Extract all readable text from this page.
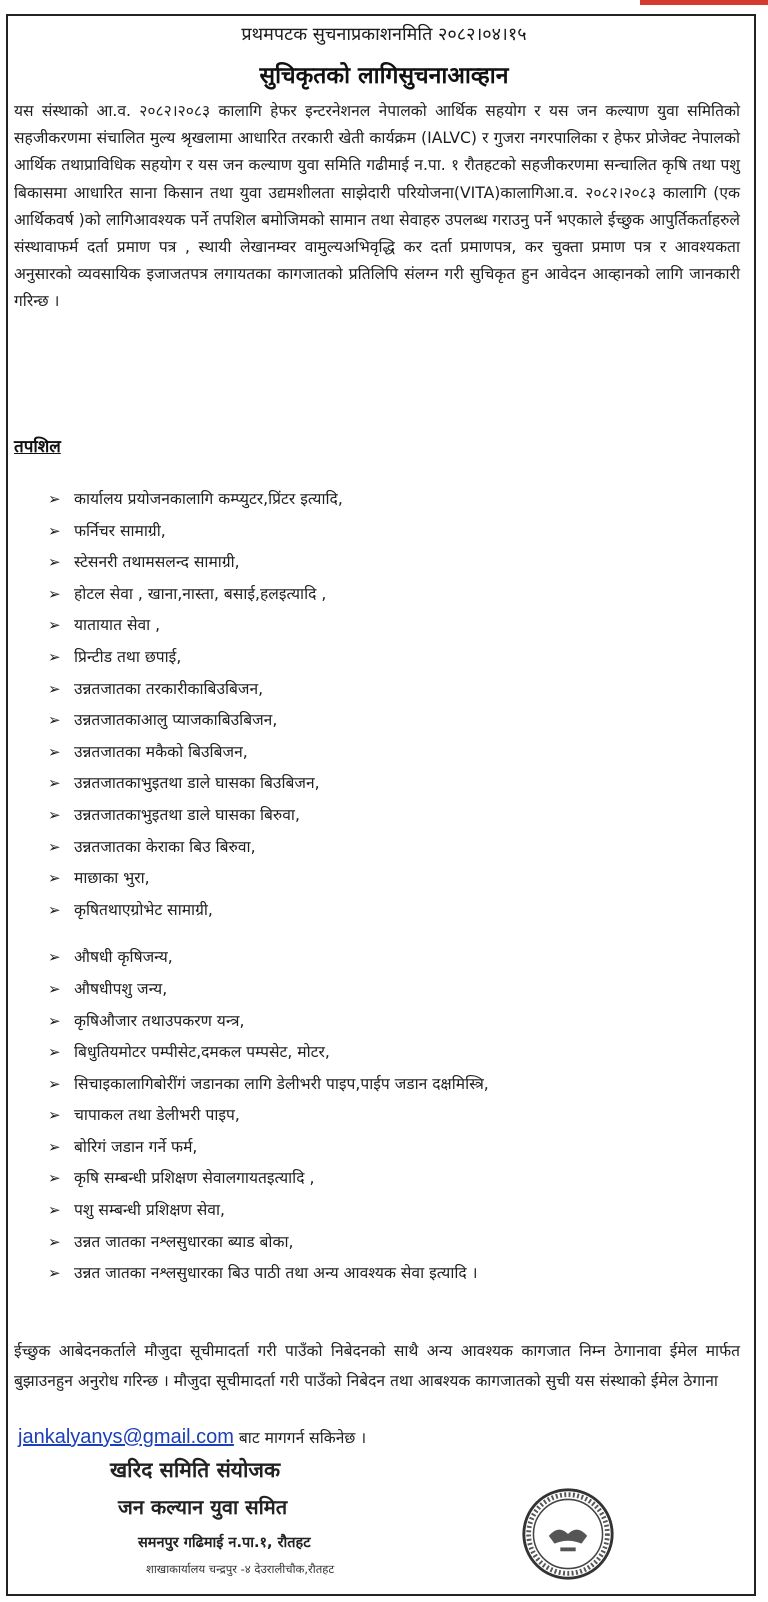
प्रथमपटक सुचनाप्रकाशनमिति २०८२।०४।१५
सुचिकृतको लागिसुचनाआव्हान
यस संस्थाको आ.व. २०८२।२०८३ कालागि हेफर इन्टरनेशनल नेपालको आर्थिक सहयोग र यस जन कल्याण युवा समितिको सहजीकरणमा संचालित मुल्य श्रृखलामा आधारित तरकारी खेती कार्यक्रम (IALVC) र गुजरा नगरपालिका र हेफर प्रोजेक्ट नेपालको आर्थिक तथाप्राविधिक सहयोग र यस जन कल्याण युवा समिति गढीमाई न.पा. १ रौतहटको सहजीकरणमा सन्चालित कृषि तथा पशु बिकासमा आधारित साना किसान तथा युवा उद्यमशीलता साझेदारी परियोजना(VITA)कालागिआ.व. २०८२।२०८३ कालागि (एक आर्थिकवर्ष )को लागिआवश्यक पर्ने तपशिल बमोजिमको सामान तथा सेवाहरु उपलब्ध गराउनु पर्ने भएकाले ईच्छुक आपुर्तिकर्ताहरुले संस्थावाफर्म दर्ता प्रमाण पत्र , स्थायी लेखानम्वर वामुल्यअभिवृद्धि कर दर्ता प्रमाणपत्र, कर चुक्ता प्रमाण पत्र र आवश्यकता अनुसारको व्यवसायिक इजाजतपत्र लगायतका कागजातको प्रतिलिपि संलग्न गरी सुचिकृत हुन आवेदन आव्हानको लागि जानकारी गरिन्छ ।
तपशिल
➢ कार्यालय प्रयोजनकालागि कम्प्युटर,प्रिंटर इत्यादि,
➢ फर्निचर सामाग्री,
➢ स्टेसनरी तथामसलन्द सामाग्री,
➢ होटल सेवा , खाना,नास्ता, बसाई,हलइत्यादि ,
➢ यातायात सेवा ,
➢ प्रिन्टीड तथा छपाई,
➢ उन्नतजातका तरकारीकाबिउबिजन,
➢ उन्नतजातकाआलु प्याजकाबिउबिजन,
➢ उन्नतजातका मकैको बिउबिजन,
➢ उन्नतजातकाभुइतथा डाले घासका बिउबिजन,
➢ उन्नतजातकाभुइतथा डाले घासका बिरुवा,
➢ उन्नतजातका केराका बिउ बिरुवा,
➢ माछाका भुरा,
➢ कृषितथाएग्रोभेट सामाग्री,
➢ औषधी कृषिजन्य,
➢ औषधीपशु जन्य,
➢ कृषिऔजार तथाउपकरण यन्त्र,
➢ बिधुतियमोटर पम्पीसेट,दमकल पम्पसेट, मोटर,
➢ सिचाइकालागिबोरींगं जडानका लागि डेलीभरी पाइप,पाईप जडान दक्षमिस्त्रि,
➢ चापाकल तथा डेलीभरी पाइप,
➢ बोरिगं जडान गर्ने फर्म,
➢ कृषि सम्बन्धी प्रशिक्षण सेवालगायतइत्यादि ,
➢ पशु सम्बन्धी प्रशिक्षण सेवा,
➢ उन्नत जातका नश्लसुधारका ब्याड बोका,
➢ उन्नत जातका नश्लसुधारका बिउ पाठी तथा अन्य आवश्यक सेवा इत्यादि ।
ईच्छुक आबेदनकर्ताले मौजुदा सूचीमादर्ता गरी पाउँको निबेदनको साथै अन्य आवश्यक कागजात निम्न ठेगानावा ईमेल मार्फत बुझाउनहुन अनुरोध गरिन्छ । मौजुदा सूचीमादर्ता गरी पाउँको निबेदन तथा आबश्यक कागजातको सुची यस संस्थाको ईमेल ठेगाना
jankalyanys@gmail.com बाट मागगर्न सकिनेछ ।
खरिद समिति संयोजक
जन कल्यान युवा समित
समनपुर गढिमाई न.पा.१, रौतहट
शाखाकार्यालय चन्द्रपुर -४ देउरालीचौक,रौतहट
